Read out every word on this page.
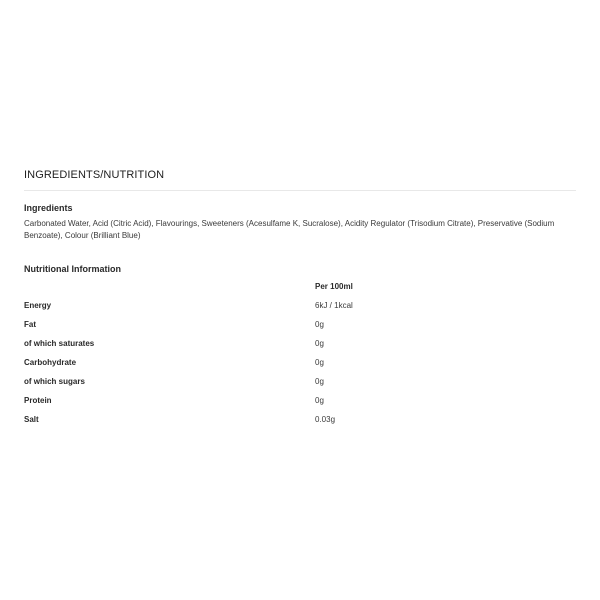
INGREDIENTS/NUTRITION
Ingredients

Carbonated Water, Acid (Citric Acid), Flavourings, Sweeteners (Acesulfame K, Sucralose), Acidity Regulator (Trisodium Citrate), Preservative (Sodium Benzoate), Colour (Brilliant Blue)

Nutritional Information
Per 100ml
Energy	6kJ / 1kcal
Fat	0g
of which saturates	0g
Carbohydrate	0g
of which sugars	0g
Protein	0g
Salt	0.03g
